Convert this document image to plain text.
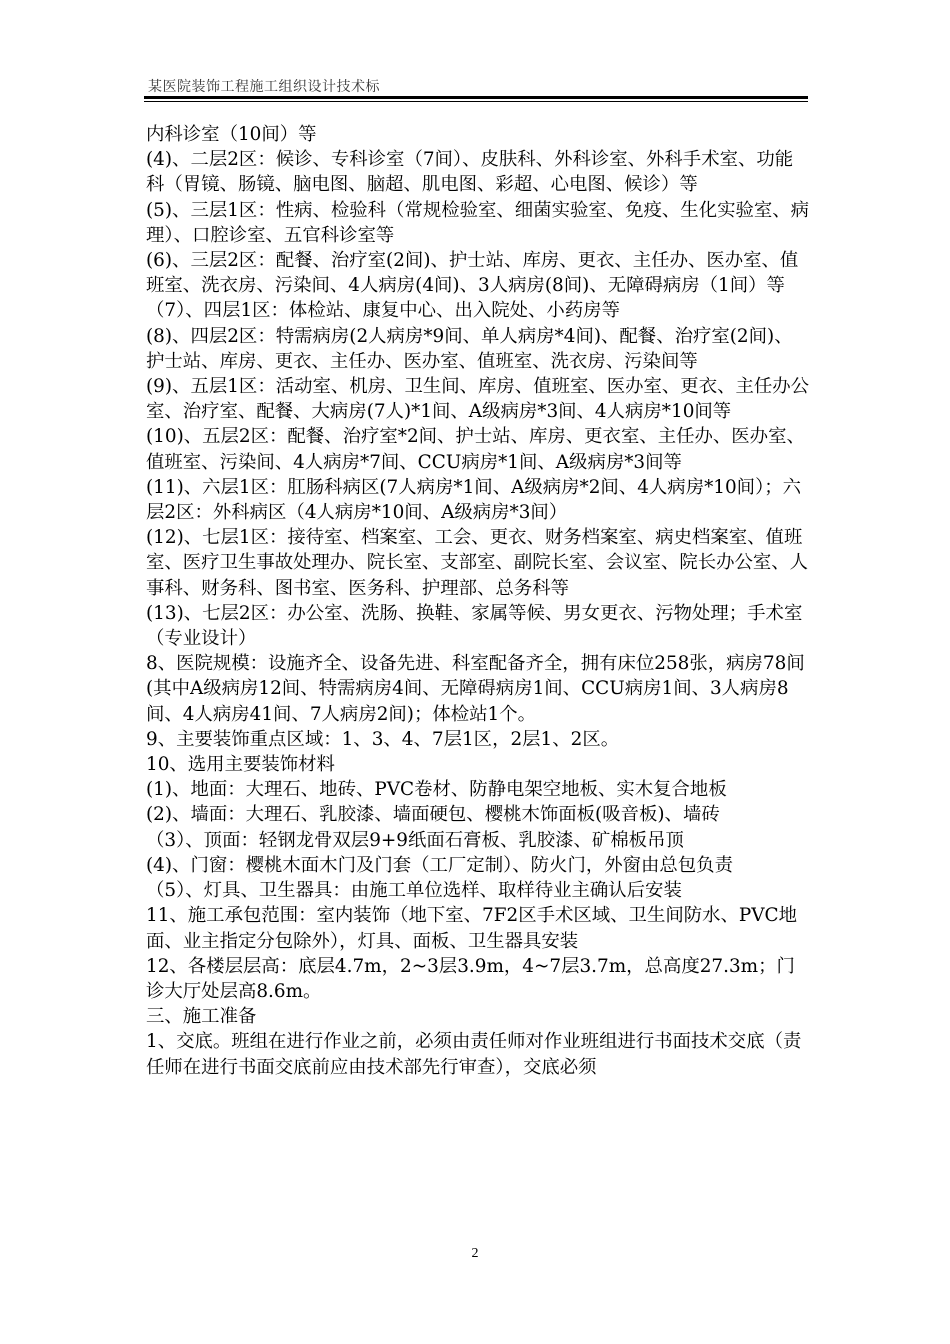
某医院装饰工程施工组织设计技术标

内科诊室（10间）等

(4)、二层2区：候诊、专科诊室（7间）、皮肤科、外科诊室、外科手术室、功能科（胃镜、肠镜、脑电图、脑超、肌电图、彩超、心电图、候诊）等

(5)、三层1区：性病、检验科（常规检验室、细菌实验室、免疫、生化实验室、病理）、口腔诊室、五官科诊室等

(6)、三层2区：配餐、治疗室(2间)、护士站、库房、更衣、主任办、医办室、值班室、洗衣房、污染间、4人病房(4间)、3人病房(8间)、无障碍病房（1间）等

（7）、四层1区：体检站、康复中心、出入院处、小药房等

(8)、四层2区：特需病房(2人病房*9间、单人病房*4间)、配餐、治疗室(2间)、护士站、库房、更衣、主任办、医办室、值班室、洗衣房、污染间等

(9)、五层1区：活动室、机房、卫生间、库房、值班室、医办室、更衣、主任办公室、治疗室、配餐、大病房(7人)*1间、A级病房*3间、4人病房*10间等

(10)、五层2区：配餐、治疗室*2间、护士站、库房、更衣室、主任办、医办室、值班室、污染间、4人病房*7间、CCU病房*1间、A级病房*3间等

(11)、六层1区：肛肠科病区(7人病房*1间、A级病房*2间、4人病房*10间）；六层2区：外科病区（4人病房*10间、A级病房*3间）

(12)、七层1区：接待室、档案室、工会、更衣、财务档案室、病史档案室、值班室、医疗卫生事故处理办、院长室、支部室、副院长室、会议室、院长办公室、人事科、财务科、图书室、医务科、护理部、总务科等

(13)、七层2区：办公室、洗肠、换鞋、家属等候、男女更衣、污物处理；手术室（专业设计）

8、医院规模：设施齐全、设备先进、科室配备齐全，拥有床位258张，病房78间(其中A级病房12间、特需病房4间、无障碍病房1间、CCU病房1间、3人病房8间、4人病房41间、7人病房2间)；体检站1个。

9、主要装饰重点区域：1、3、4、7层1区，2层1、2区。

10、选用主要装饰材料

(1)、地面：大理石、地砖、PVC卷材、防静电架空地板、实木复合地板

(2)、墙面：大理石、乳胶漆、墙面硬包、樱桃木饰面板(吸音板)、墙砖

（3）、顶面：轻钢龙骨双层9+9纸面石膏板、乳胶漆、矿棉板吊顶

(4)、门窗：樱桃木面木门及门套（工厂定制）、防火门，外窗由总包负责

（5）、灯具、卫生器具：由施工单位选样、取样待业主确认后安装

11、施工承包范围：室内装饰（地下室、7F2区手术区域、卫生间防水、PVC地面、业主指定分包除外），灯具、面板、卫生器具安装

12、各楼层层高：底层4.7m，2~3层3.9m，4~7层3.7m，总高度27.3m；门诊大厅处层高8.6m。

三、施工准备

1、交底。班组在进行作业之前，必须由责任师对作业班组进行书面技术交底（责任师在进行书面交底前应由技术部先行审查），交底必须

2
